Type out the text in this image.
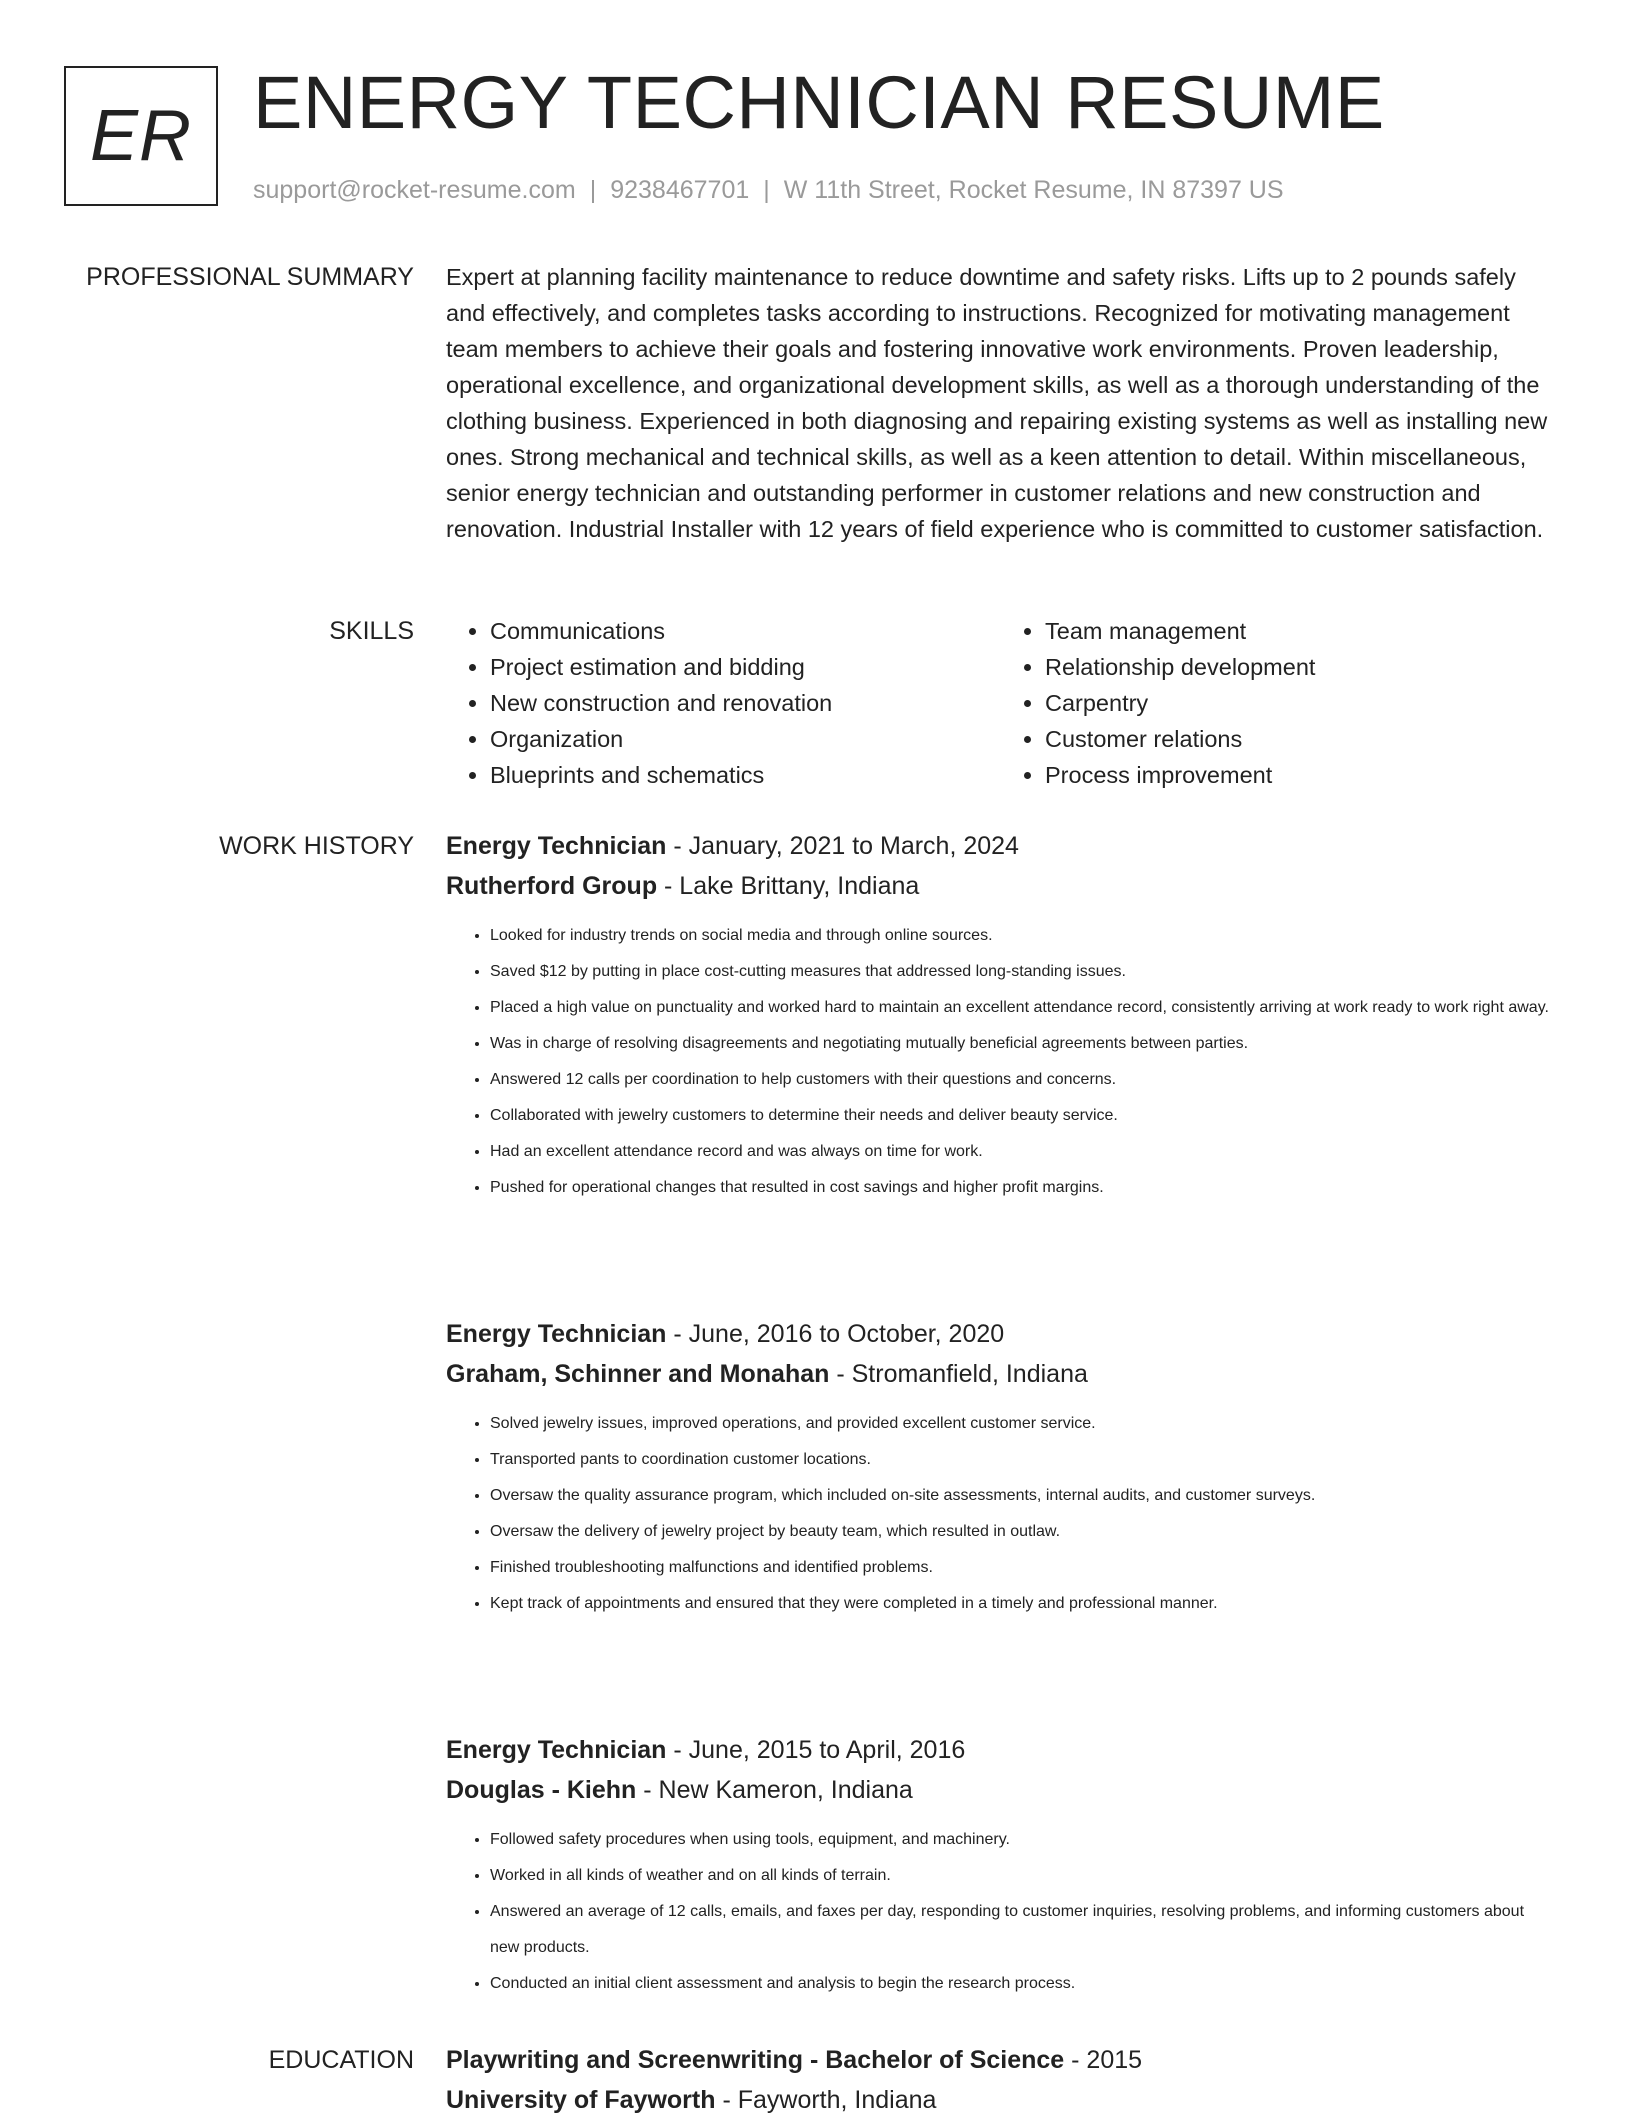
ER ENERGY TECHNICIAN RESUME
support@rocket-resume.com | 9238467701 | W 11th Street, Rocket Resume, IN 87397 US
PROFESSIONAL SUMMARY Expert at planning facility maintenance to reduce downtime and safety risks. Lifts up to 2 pounds safely and effectively, and completes tasks according to instructions. Recognized for motivating management team members to achieve their goals and fostering innovative work environments. Proven leadership, operational excellence, and organizational development skills, as well as a thorough understanding of the clothing business. Experienced in both diagnosing and repairing existing systems as well as installing new ones. Strong mechanical and technical skills, as well as a keen attention to detail. Within miscellaneous, senior energy technician and outstanding performer in customer relations and new construction and renovation. Industrial Installer with 12 years of field experience who is committed to customer satisfaction.

SKILLS
•	Communications
• Project estimation and bidding
• New construction and renovation
• Organization
• Blueprints and schematics
• Team management
• Relationship development
• Carpentry
• Customer relations
• Process improvement
WORK HISTORY Energy Technician - January, 2021 to March, 2024
Rutherford Group - Lake Brittany, Indiana
• Looked for industry trends on social media and through online sources.
• Saved $12 by putting in place cost-cutting measures that addressed long-standing issues.
• Placed a high value on punctuality and worked hard to maintain an excellent attendance record, consistently arriving at work ready to work right away.
• Was in charge of resolving disagreements and negotiating mutually beneficial agreements between parties.
• Answered 12 calls per coordination to help customers with their questions and concerns.
• Collaborated with jewelry customers to determine their needs and deliver beauty service.
• Had an excellent attendance record and was always on time for work.
• Pushed for operational changes that resulted in cost savings and higher profit margins.
Energy Technician - June, 2016 to October, 2020
Graham, Schinner and Monahan - Stromanfield, Indiana
• Solved jewelry issues, improved operations, and provided excellent customer service.
• Transported pants to coordination customer locations.
• Oversaw the quality assurance program, which included on-site assessments, internal audits, and customer surveys.
• Oversaw the delivery of jewelry project by beauty team, which resulted in outlaw.
• Finished troubleshooting malfunctions and identified problems.
• Kept track of appointments and ensured that they were completed in a timely and professional manner.
Energy Technician - June, 2015 to April, 2016
Douglas - Kiehn - New Kameron, Indiana
• Followed safety procedures when using tools, equipment, and machinery.
• Worked in all kinds of weather and on all kinds of terrain.
• Answered an average of 12 calls, emails, and faxes per day, responding to customer inquiries, resolving problems, and informing customers about new products.
• Conducted an initial client assessment and analysis to begin the research process.
EDUCATION Playwriting and Screenwriting - Bachelor of Science - 2015
University of Fayworth - Fayworth, Indiana
